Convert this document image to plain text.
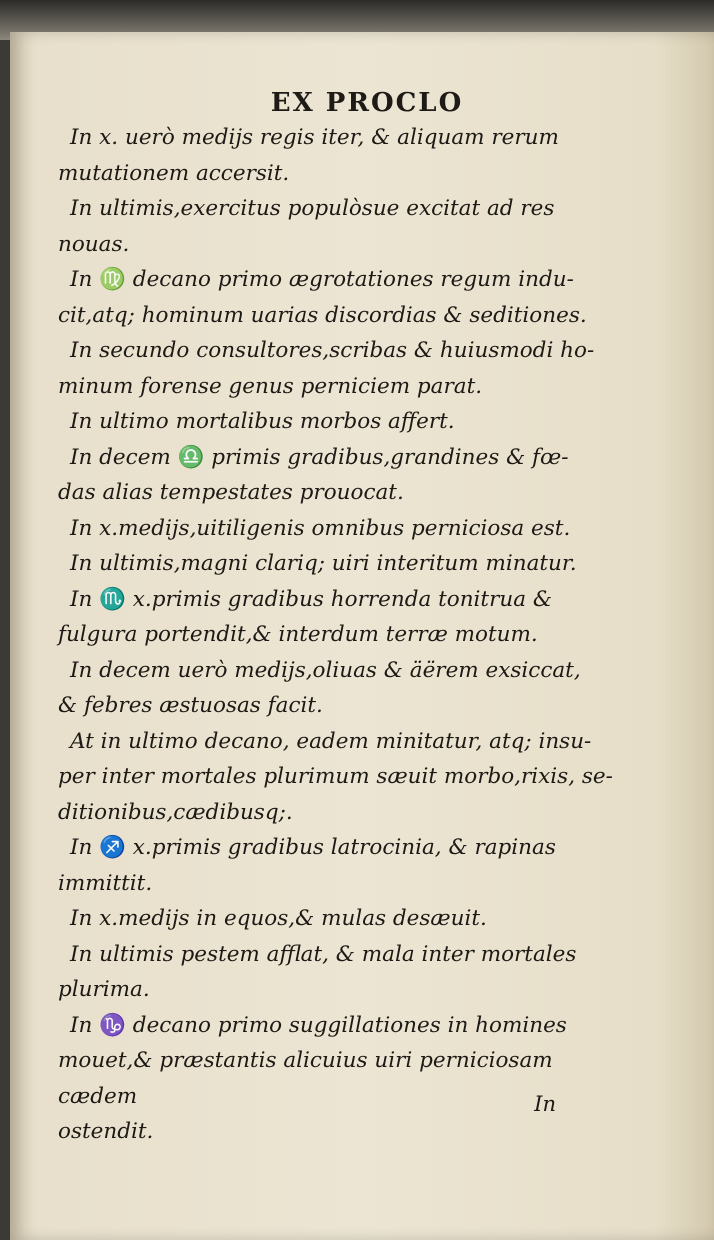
EX PROCLO

In x. uerò medijs regis iter, & aliquam rerum

mutationem accersit.

In ultimis,exercitus populòsue excitat ad res

nouas.

In ♍ decano primo ægrotationes regum indu-

cit,atq; hominum uarias discordias & seditiones.

In secundo consultores,scribas & huiusmodi ho-

minum forense genus perniciem parat.

In ultimo mortalibus morbos affert.

In decem ♎ primis gradibus,grandines & fœ-

das alias tempestates prouocat.

In x.medijs,uitiligenis omnibus perniciosa est.

In ultimis,magni clariq; uiri interitum minatur.

In ♏ x.primis gradibus horrenda tonitrua &

fulgura portendit,& interdum terræ motum.

In decem uerò medijs,oliuas & äërem exsiccat,

& febres æstuosas facit.

At in ultimo decano, eadem minitatur, atq; insu-

per inter mortales plurimum sæuit morbo,rixis, se-

ditionibus,cædibusq;.

In ♐ x.primis gradibus latrocinia, & rapinas

immittit.

In x.medijs in equos,& mulas desæuit.

In ultimis pestem afflat, & mala inter mortales

plurima.

In ♑ decano primo suggillationes in homines

mouet,& præstantis alicuius uiri perniciosam cædem

ostendit.

In
